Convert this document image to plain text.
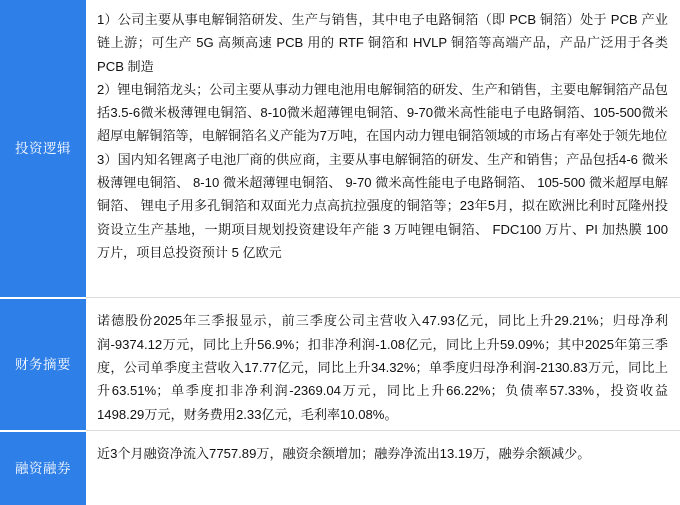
投资逻辑

1）公司主要从事电解铜箔研发、生产与销售，其中电子电路铜箔（即 PCB 铜箔）处于 PCB 产业链上游；可生产 5G 高频高速 PCB 用的 RTF 铜箔和 HVLP 铜箔等高端产品，产品广泛用于各类 PCB 制造

2）锂电铜箔龙头；公司主要从事动力锂电池用电解铜箔的研发、生产和销售，主要电解铜箔产品包括3.5-6微米极薄锂电铜箔、8-10微米超薄锂电铜箔、9-70微米高性能电子电路铜箔、105-500微米超厚电解铜箔等，电解铜箔名义产能为7万吨，在国内动力锂电铜箔领域的市场占有率处于领先地位

3）国内知名锂离子电池厂商的供应商，主要从事电解铜箔的研发、生产和销售；产品包括4-6 微米极薄锂电铜箔、 8-10 微米超薄锂电铜箔、 9-70 微米高性能电子电路铜箔、 105-500 微米超厚电解铜箔、 锂电子用多孔铜箔和双面光力点高抗拉强度的铜箔等；23年5月，拟在欧洲比利时瓦隆州投资设立生产基地，一期项目规划投资建设年产能 3 万吨锂电铜箔、 FDC100 万片、PI 加热膜 100 万片，项目总投资预计 5 亿欧元

财务摘要

诺德股份2025年三季报显示，前三季度公司主营收入47.93亿元，同比上升29.21%；归母净利润-9374.12万元，同比上升56.9%；扣非净利润-1.08亿元，同比上升59.09%；其中2025年第三季度，公司单季度主营收入17.77亿元，同比上升34.32%；单季度归母净利润-2130.83万元，同比上升63.51%；单季度扣非净利润-2369.04万元，同比上升66.22%；负债率57.33%，投资收益1498.29万元，财务费用2.33亿元，毛利率10.08%。

融资融券

近3个月融资净流入7757.89万，融资余额增加；融券净流出13.19万，融券余额减少。
